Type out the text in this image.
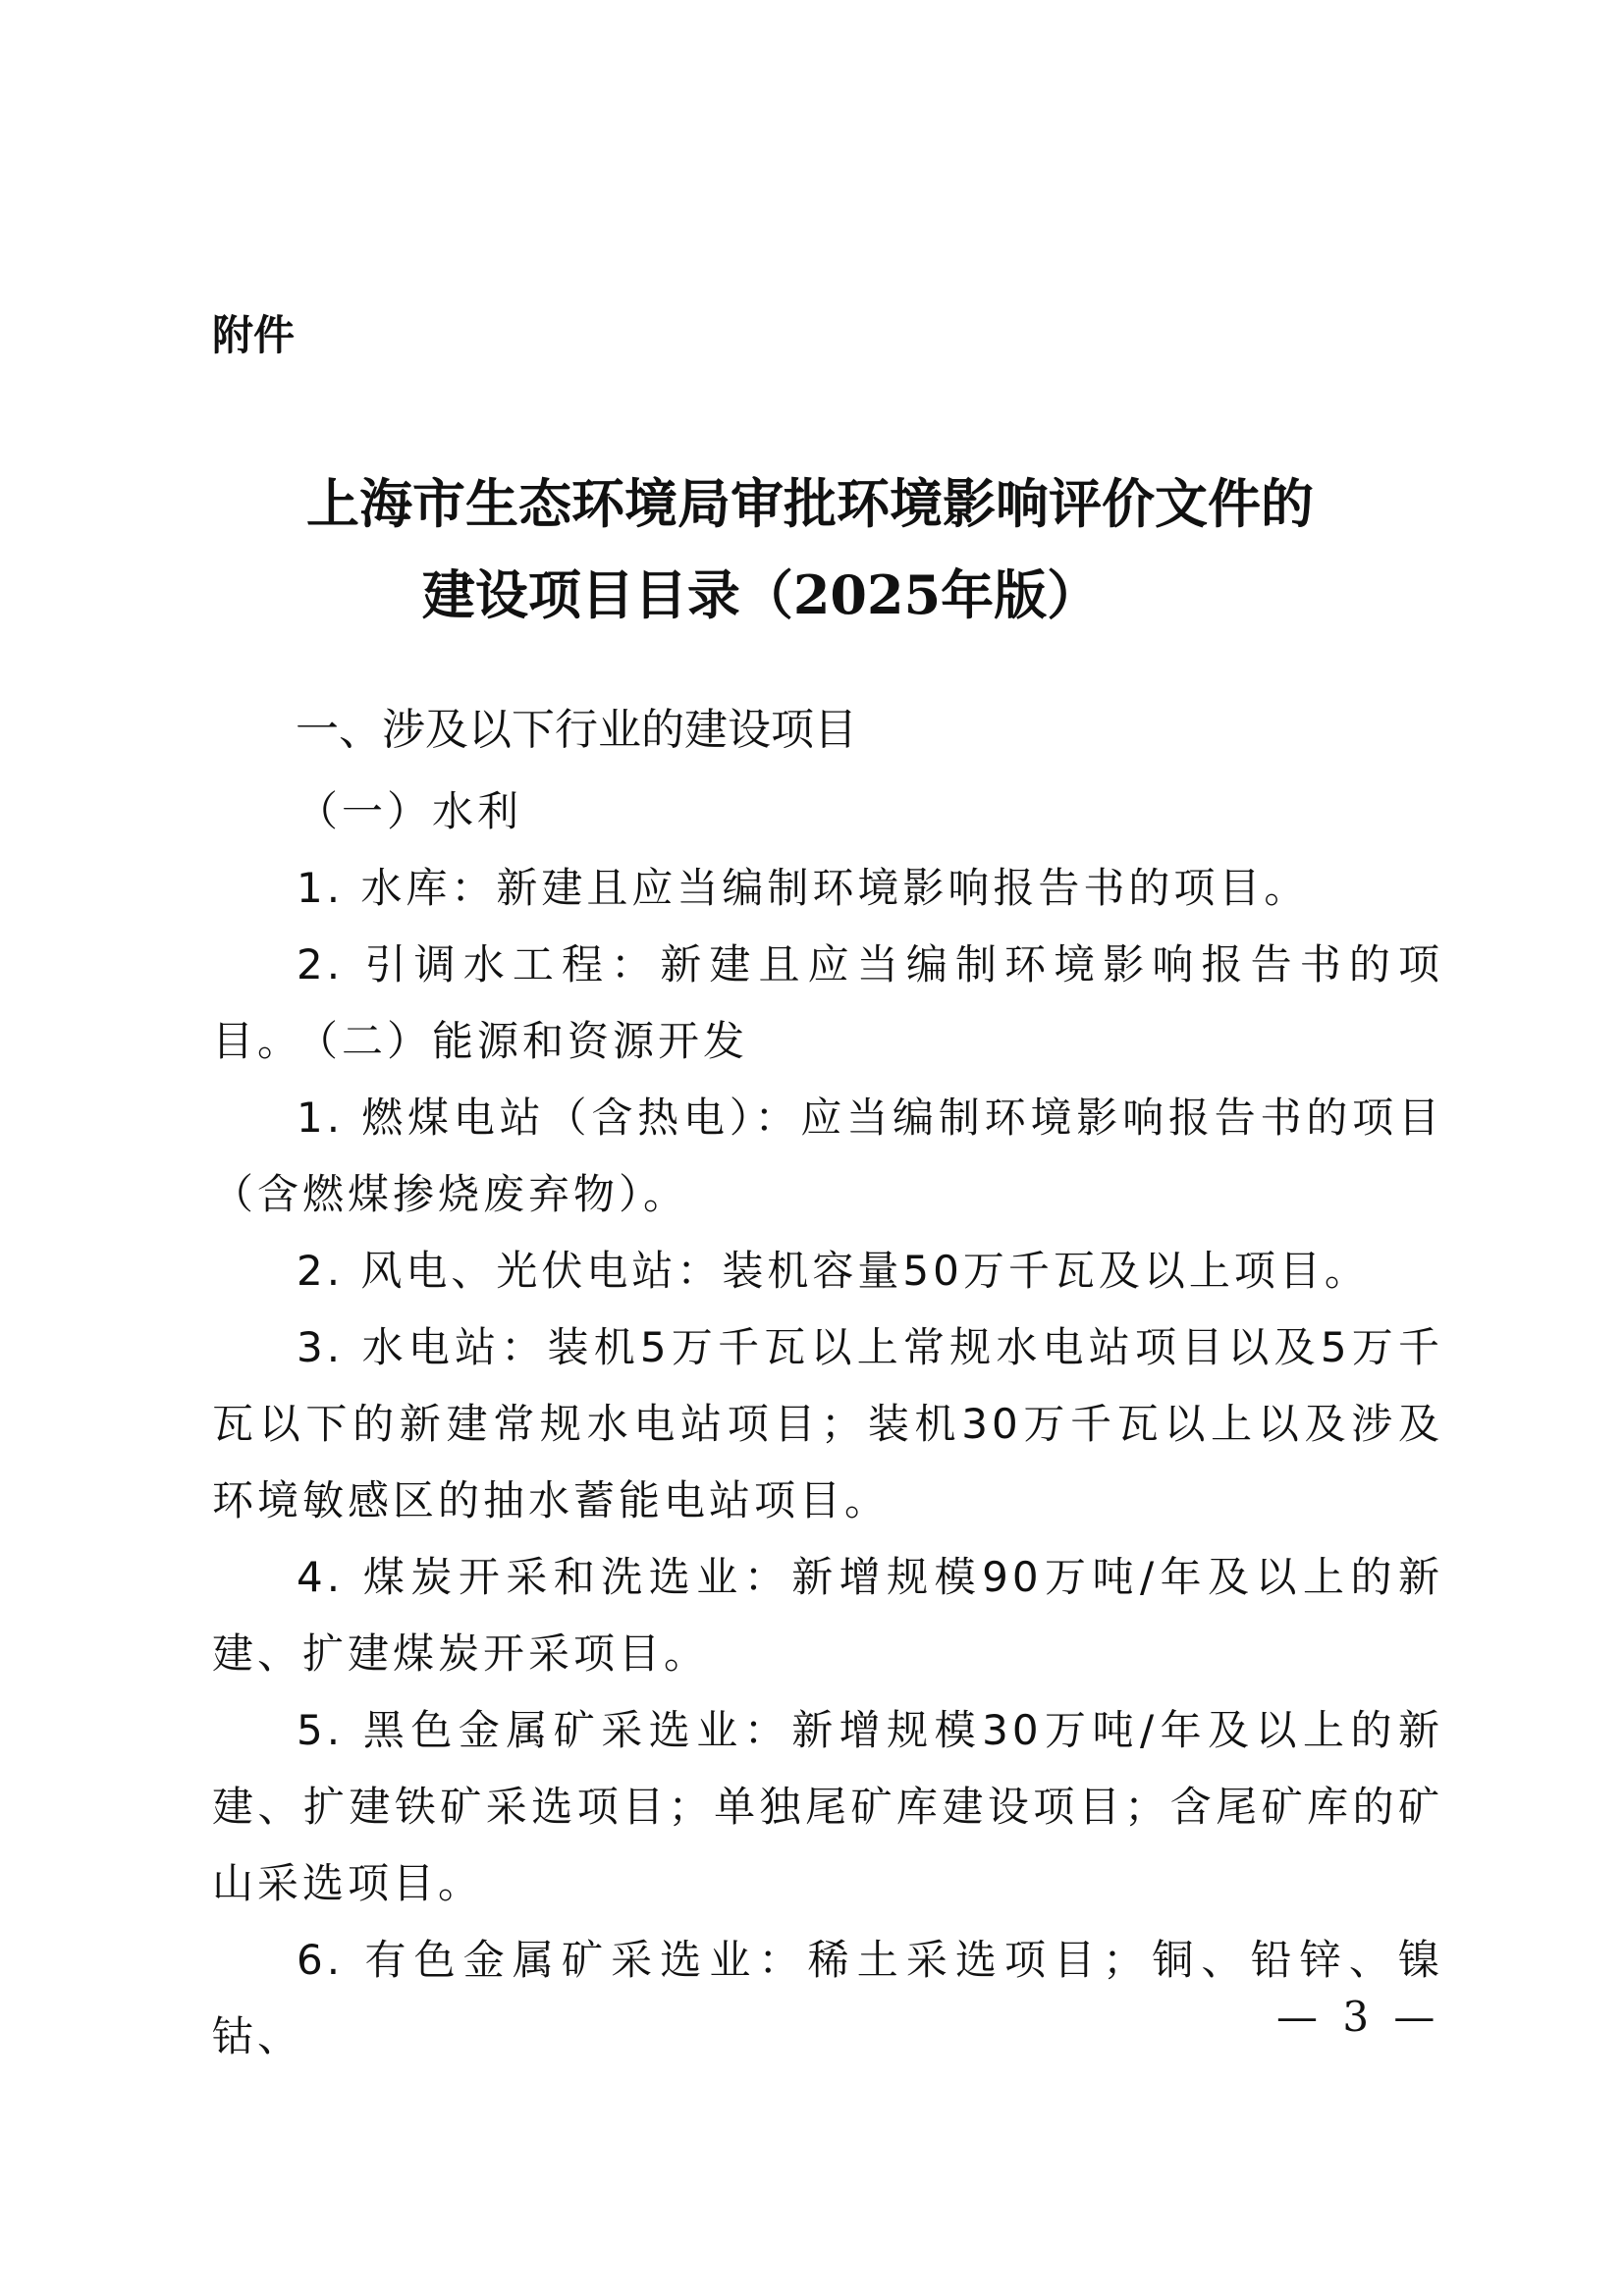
附件
上海市生态环境局审批环境影响评价文件的
建设项目目录（2025年版）
一、涉及以下行业的建设项目
（一）水利
1. 水库：新建且应当编制环境影响报告书的项目。
2. 引调水工程：新建且应当编制环境影响报告书的项目。
（二）能源和资源开发
1. 燃煤电站（含热电）：应当编制环境影响报告书的项目（含燃煤掺烧废弃物）。
2. 风电、光伏电站：装机容量50万千瓦及以上项目。
3. 水电站：装机5万千瓦以上常规水电站项目以及5万千瓦以下的新建常规水电站项目；装机30万千瓦以上以及涉及环境敏感区的抽水蓄能电站项目。
4. 煤炭开采和洗选业：新增规模90万吨/年及以上的新建、扩建煤炭开采项目。
5. 黑色金属矿采选业：新增规模30万吨/年及以上的新建、扩建铁矿采选项目；单独尾矿库建设项目；含尾矿库的矿山采选项目。
6. 有色金属矿采选业：稀土采选项目；铜、铅锌、镍钴、	— 3 —
